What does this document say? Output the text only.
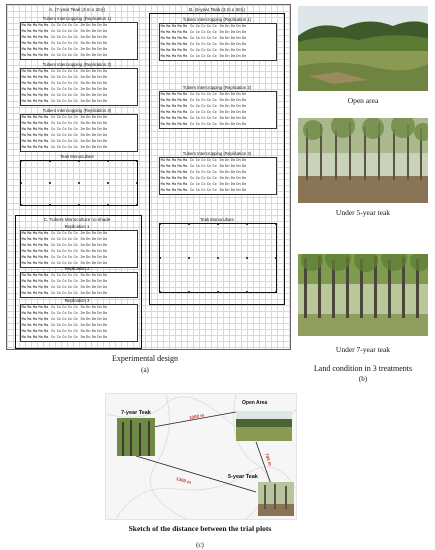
A. (7-year Teak (3 m x 2m))
Tubers Intercropping (Replication 1)
MaMaMaMaMa CcCcCcCcCc DnDnDnDnDn
MaMaMaMaMa CcCcCcCcCc DnDnDnDnDn
MaMaMaMaMa CcCcCcCcCc DnDnDnDnDn
MaMaMaMaMa CcCcCcCcCc DnDnDnDnDn
MaMaMaMaMa CcCcCcCcCc DnDnDnDnDn
MaMaMaMaMa CcCcCcCcCc DnDnDnDnDn
Tubers Intercropping (Replication 2)
MaMaMaMaMa CcCcCcCcCc DnDnDnDnDn
MaMaMaMaMa CcCcCcCcCc DnDnDnDnDn
MaMaMaMaMa CcCcCcCcCc DnDnDnDnDn
MaMaMaMaMa CcCcCcCcCc DnDnDnDnDn
MaMaMaMaMa CcCcCcCcCc DnDnDnDnDn
MaMaMaMaMa CcCcCcCcCc DnDnDnDnDn
Tubers Intercropping (Replication 3)
MaMaMaMaMa CcCcCcCcCc DnDnDnDnDn
MaMaMaMaMa CcCcCcCcCc DnDnDnDnDn
MaMaMaMaMa CcCcCcCcCc DnDnDnDnDn
MaMaMaMaMa CcCcCcCcCc DnDnDnDnDn
MaMaMaMaMa CcCcCcCcCc DnDnDnDnDn
MaMaMaMaMa CcCcCcCcCc DnDnDnDnDn
Teak Monoculture
C. Tubers Monoculture no shade
Replication 1
MaMaMaMaMa CcCcCcCcCc DnDnDnDnDn
MaMaMaMaMa CcCcCcCcCc DnDnDnDnDn
MaMaMaMaMa CcCcCcCcCc DnDnDnDnDn
MaMaMaMaMa CcCcCcCcCc DnDnDnDnDn
MaMaMaMaMa CcCcCcCcCc DnDnDnDnDn
MaMaMaMaMa CcCcCcCcCc DnDnDnDnDn
Replication 2
MaMaMaMaMa CcCcCcCcCc DnDnDnDnDn
MaMaMaMaMa CcCcCcCcCc DnDnDnDnDn
MaMaMaMaMa CcCcCcCcCc DnDnDnDnDn
MaMaMaMaMa CcCcCcCcCc DnDnDnDnDn
Replication 3
MaMaMaMaMa CcCcCcCcCc DnDnDnDnDn
MaMaMaMaMa CcCcCcCcCc DnDnDnDnDn
MaMaMaMaMa CcCcCcCcCc DnDnDnDnDn
MaMaMaMaMa CcCcCcCcCc DnDnDnDnDn
MaMaMaMaMa CcCcCcCcCc DnDnDnDnDn
MaMaMaMaMa CcCcCcCcCc DnDnDnDnDn
B. (5-year Teak (3 m x 3m))
Tubers Intercropping (Replication 1)
MaMaMaMaMa CcCcCcCcCc DnDnDnDnDn
MaMaMaMaMa CcCcCcCcCc DnDnDnDnDn
MaMaMaMaMa CcCcCcCcCc DnDnDnDnDn
MaMaMaMaMa CcCcCcCcCc DnDnDnDnDn
MaMaMaMaMa CcCcCcCcCc DnDnDnDnDn
MaMaMaMaMa CcCcCcCcCc DnDnDnDnDn
Tubers Intercropping (Replication 2)
MaMaMaMaMa CcCcCcCcCc DnDnDnDnDn
MaMaMaMaMa CcCcCcCcCc DnDnDnDnDn
MaMaMaMaMa CcCcCcCcCc DnDnDnDnDn
MaMaMaMaMa CcCcCcCcCc DnDnDnDnDn
MaMaMaMaMa CcCcCcCcCc DnDnDnDnDn
MaMaMaMaMa CcCcCcCcCc DnDnDnDnDn
Tubers Intercropping (Replication 3)
MaMaMaMaMa CcCcCcCcCc DnDnDnDnDn
MaMaMaMaMa CcCcCcCcCc DnDnDnDnDn
MaMaMaMaMa CcCcCcCcCc DnDnDnDnDn
MaMaMaMaMa CcCcCcCcCc DnDnDnDnDn
MaMaMaMaMa CcCcCcCcCc DnDnDnDnDn
MaMaMaMaMa CcCcCcCcCc DnDnDnDnDn
Teak Monoculture
Experimental design
(a)
Open area
Under 5-year teak
Under 7-year teak
Land condition in 3 treatments
(b)
7-year Teak
Open Area
5-year Teak
1000 m
700 m
1300 m
Sketch of the distance between the trial plots
(c)
